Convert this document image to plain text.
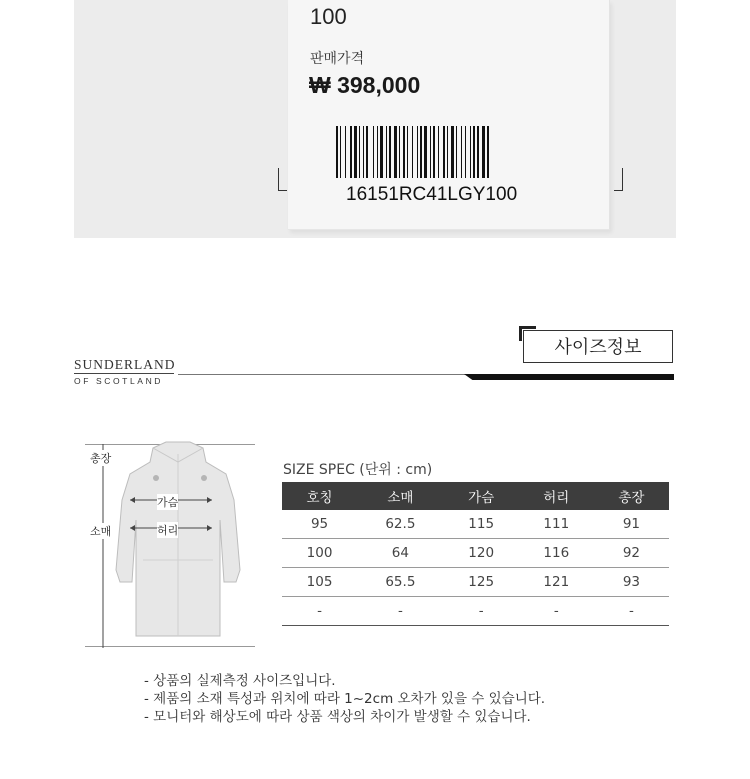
100
판매가격
₩ 398,000
16151RC41LGY100
사이즈정보
SUNDERLAND
OF SCOTLAND
총장
소매
가슴
허리
SIZE SPEC (단위 : cm)
호칭	소매	가슴	허리	총장
95	62.5	115	111	91
100	64	120	116	92
105	65.5	125	121	93
-	-	-	-	-
- 상품의 실제측정 사이즈입니다.
- 제품의 소재 특성과 위치에 따라 1~2cm 오차가 있을 수 있습니다.
- 모니터와 해상도에 따라 상품 색상의 차이가 발생할 수 있습니다.
